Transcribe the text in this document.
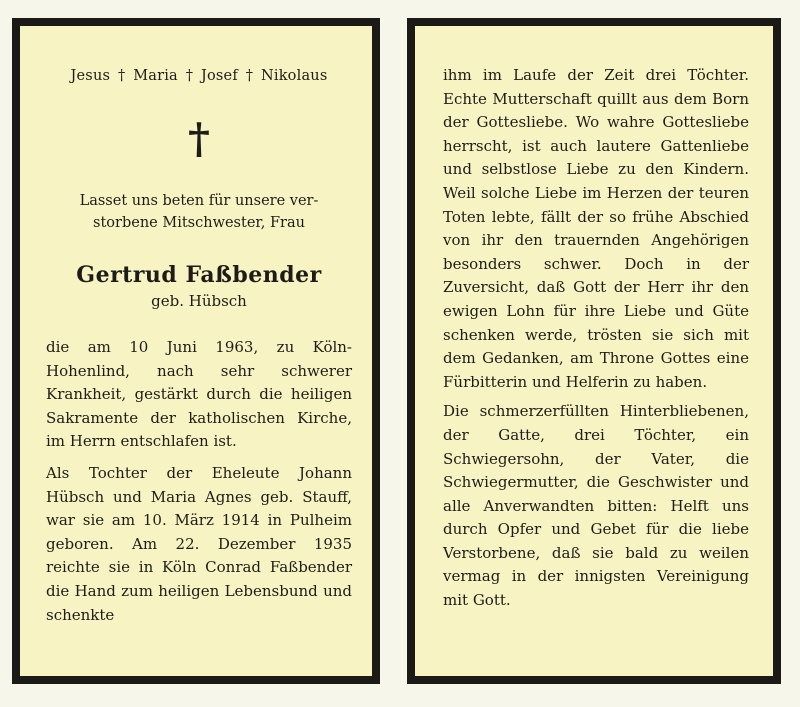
Jesus † Maria † Josef † Nikolaus
†
Lasset uns beten für unsere ver-
storbene Mitschwester, Frau
Gertrud Faßbender
geb. Hübsch

die am 10 Juni 1963, zu Köln-Hohenlind, nach sehr schwerer Krankheit, gestärkt durch die heiligen Sakramente der katholischen Kirche, im Herrn entschlafen ist.

Als Tochter der Eheleute Johann Hübsch und Maria Agnes geb. Stauff, war sie am 10. März 1914 in Pulheim geboren. Am 22. Dezember 1935 reichte sie in Köln Conrad Faßbender die Hand zum heiligen Lebensbund und schenkte

ihm im Laufe der Zeit drei Töchter. Echte Mutterschaft quillt aus dem Born der Gottesliebe. Wo wahre Gottesliebe herrscht, ist auch lautere Gattenliebe und selbstlose Liebe zu den Kindern. Weil solche Liebe im Herzen der teuren Toten lebte, fällt der so frühe Abschied von ihr den trauernden Angehörigen besonders schwer. Doch in der Zuversicht, daß Gott der Herr ihr den ewigen Lohn für ihre Liebe und Güte schenken werde, trösten sie sich mit dem Gedanken, am Throne Gottes eine Fürbitterin und Helferin zu haben.

Die schmerzerfüllten Hinterbliebenen, der Gatte, drei Töchter, ein Schwiegersohn, der Vater, die Schwiegermutter, die Geschwister und alle Anverwandten bitten: Helft uns durch Opfer und Gebet für die liebe Verstorbene, daß sie bald zu weilen vermag in der innigsten Vereinigung mit Gott.
